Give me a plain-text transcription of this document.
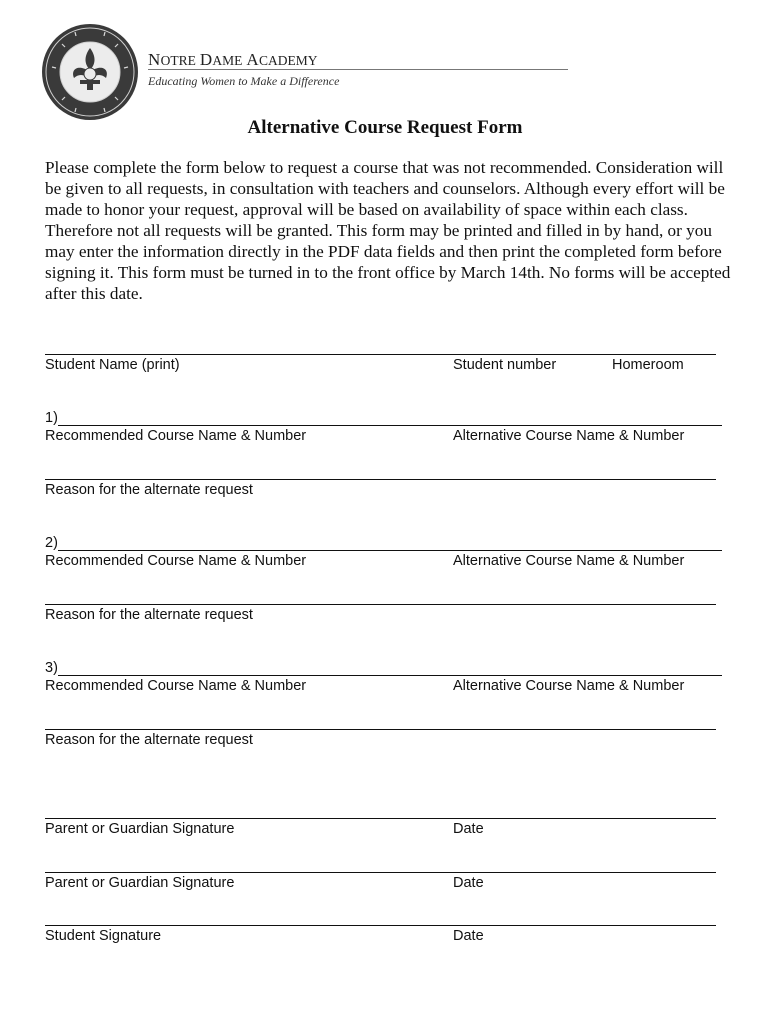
NOTRE DAME ACADEMY
Educating Women to Make a Difference
Alternative Course Request Form
Please complete the form below to request a course that was not recommended. Consideration will be given to all requests, in consultation with teachers and counselors. Although every effort will be made to honor your request, approval will be based on availability of space within each class. Therefore not all requests will be granted. This form may be printed and filled in by hand, or you may enter the information directly in the PDF data fields and then print the completed form before signing it. This form must be turned in to the front office by March 14th. No forms will be accepted after this date.
Student Name (print)	Student number	Homeroom
1)
Recommended Course Name & Number	Alternative Course Name & Number
Reason for the alternate request
2)
Recommended Course Name & Number	Alternative Course Name & Number
Reason for the alternate request
3)
Recommended Course Name & Number	Alternative Course Name & Number
Reason for the alternate request
Parent or Guardian Signature	Date
Parent or Guardian Signature	Date
Student Signature	Date
